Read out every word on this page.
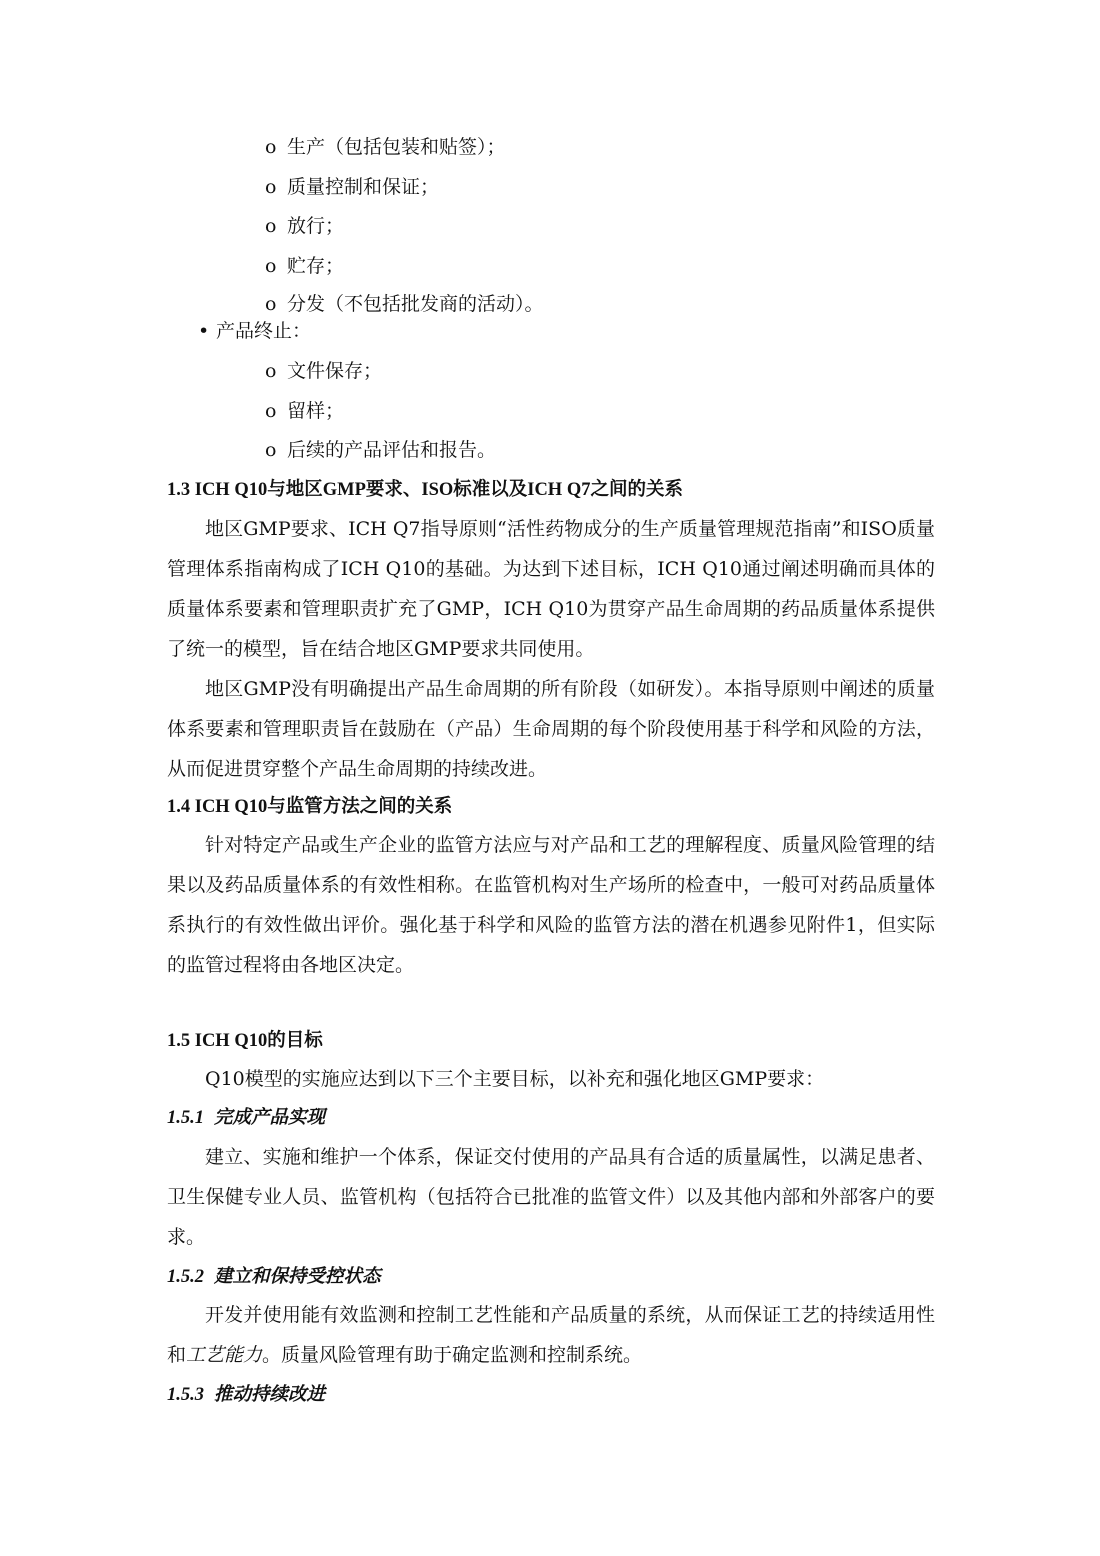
o 生产（包括包装和贴签）；
o 质量控制和保证；
o 放行；
o 贮存；
o 分发（不包括批发商的活动）。
• 产品终止：
o 文件保存；
o 留样；
o 后续的产品评估和报告。
1.3 ICH Q10与地区GMP要求、ISO标准以及ICH Q7之间的关系

地区GMP要求、ICH Q7指导原则“活性药物成分的生产质量管理规范指南”和ISO质量管理体系指南构成了ICH Q10的基础。为达到下述目标，ICH Q10通过阐述明确而具体的质量体系要素和管理职责扩充了GMP，ICH Q10为贯穿产品生命周期的药品质量体系提供了统一的模型，旨在结合地区GMP要求共同使用。

地区GMP没有明确提出产品生命周期的所有阶段（如研发）。本指导原则中阐述的质量体系要素和管理职责旨在鼓励在（产品）生命周期的每个阶段使用基于科学和风险的方法，从而促进贯穿整个产品生命周期的持续改进。

1.4 ICH Q10与监管方法之间的关系

针对特定产品或生产企业的监管方法应与对产品和工艺的理解程度、质量风险管理的结果以及药品质量体系的有效性相称。在监管机构对生产场所的检查中，一般可对药品质量体系执行的有效性做出评价。强化基于科学和风险的监管方法的潜在机遇参见附件1，但实际的监管过程将由各地区决定。

1.5 ICH Q10的目标

Q10模型的实施应达到以下三个主要目标，以补充和强化地区GMP要求：

1.5.1 完成产品实现

建立、实施和维护一个体系，保证交付使用的产品具有合适的质量属性，以满足患者、卫生保健专业人员、监管机构（包括符合已批准的监管文件）以及其他内部和外部客户的要求。

1.5.2 建立和保持受控状态

开发并使用能有效监测和控制工艺性能和产品质量的系统，从而保证工艺的持续适用性和工艺能力。质量风险管理有助于确定监测和控制系统。

1.5.3 推动持续改进
